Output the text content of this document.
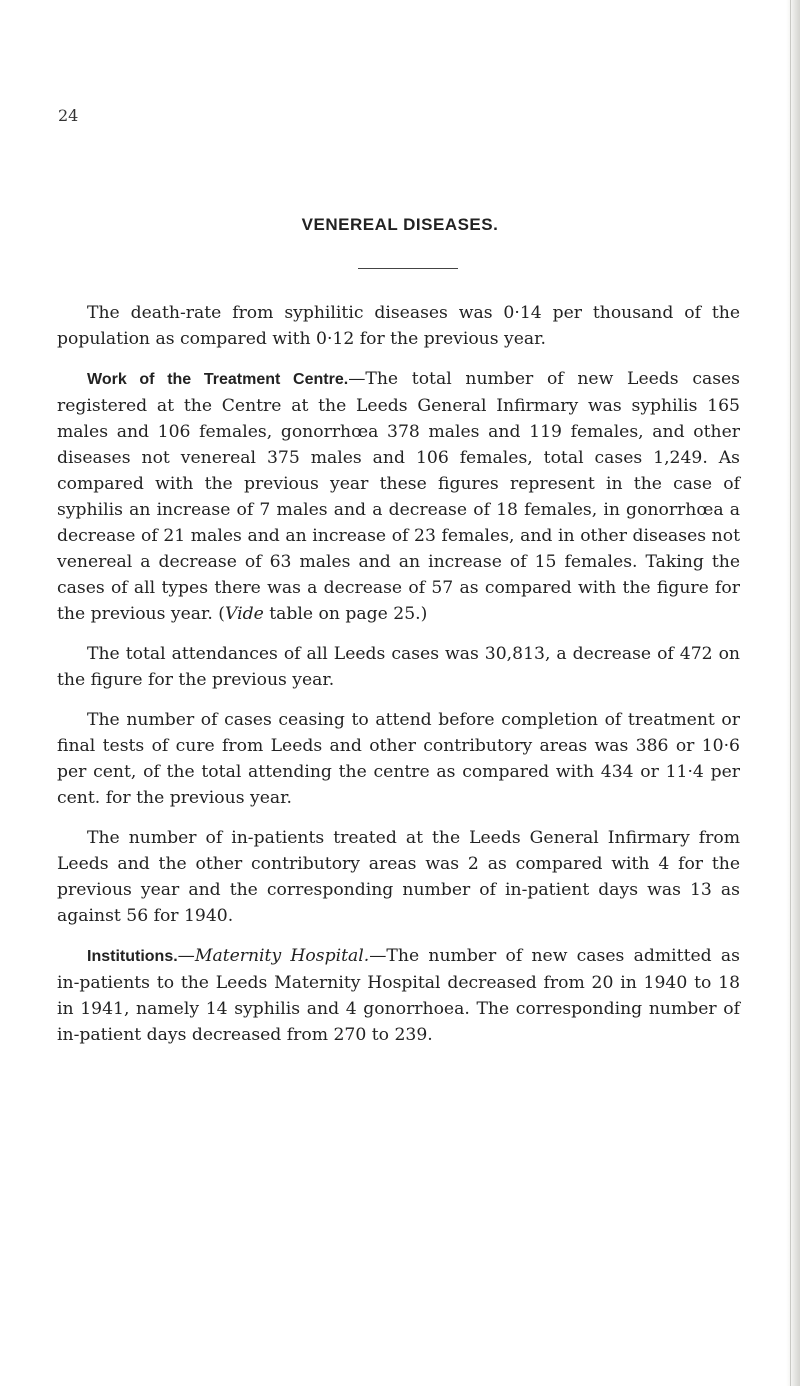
24
VENEREAL DISEASES.

The death-rate from syphilitic diseases was 0·14 per thousand of the population as compared with 0·12 for the previous year.

Work of the Treatment Centre.—The total number of new Leeds cases registered at the Centre at the Leeds General Infirmary was syphilis 165 males and 106 females, gonorrhœa 378 males and 119 females, and other diseases not venereal 375 males and 106 females, total cases 1,249. As compared with the previous year these figures represent in the case of syphilis an increase of 7 males and a decrease of 18 females, in gonorrhœa a decrease of 21 males and an increase of 23 females, and in other diseases not venereal a decrease of 63 males and an increase of 15 females. Taking the cases of all types there was a decrease of 57 as compared with the figure for the previous year. (Vide table on page 25.)

The total attendances of all Leeds cases was 30,813, a decrease of 472 on the figure for the previous year.

The number of cases ceasing to attend before completion of treatment or final tests of cure from Leeds and other contributory areas was 386 or 10·6 per cent, of the total attending the centre as compared with 434 or 11·4 per cent. for the previous year.

The number of in-patients treated at the Leeds General Infirmary from Leeds and the other contributory areas was 2 as compared with 4 for the previous year and the corresponding number of in-patient days was 13 as against 56 for 1940.

Institutions.—Maternity Hospital.—The number of new cases admitted as in-patients to the Leeds Maternity Hospital decreased from 20 in 1940 to 18 in 1941, namely 14 syphilis and 4 gonorrhoea. The corresponding number of in-patient days decreased from 270 to 239.
